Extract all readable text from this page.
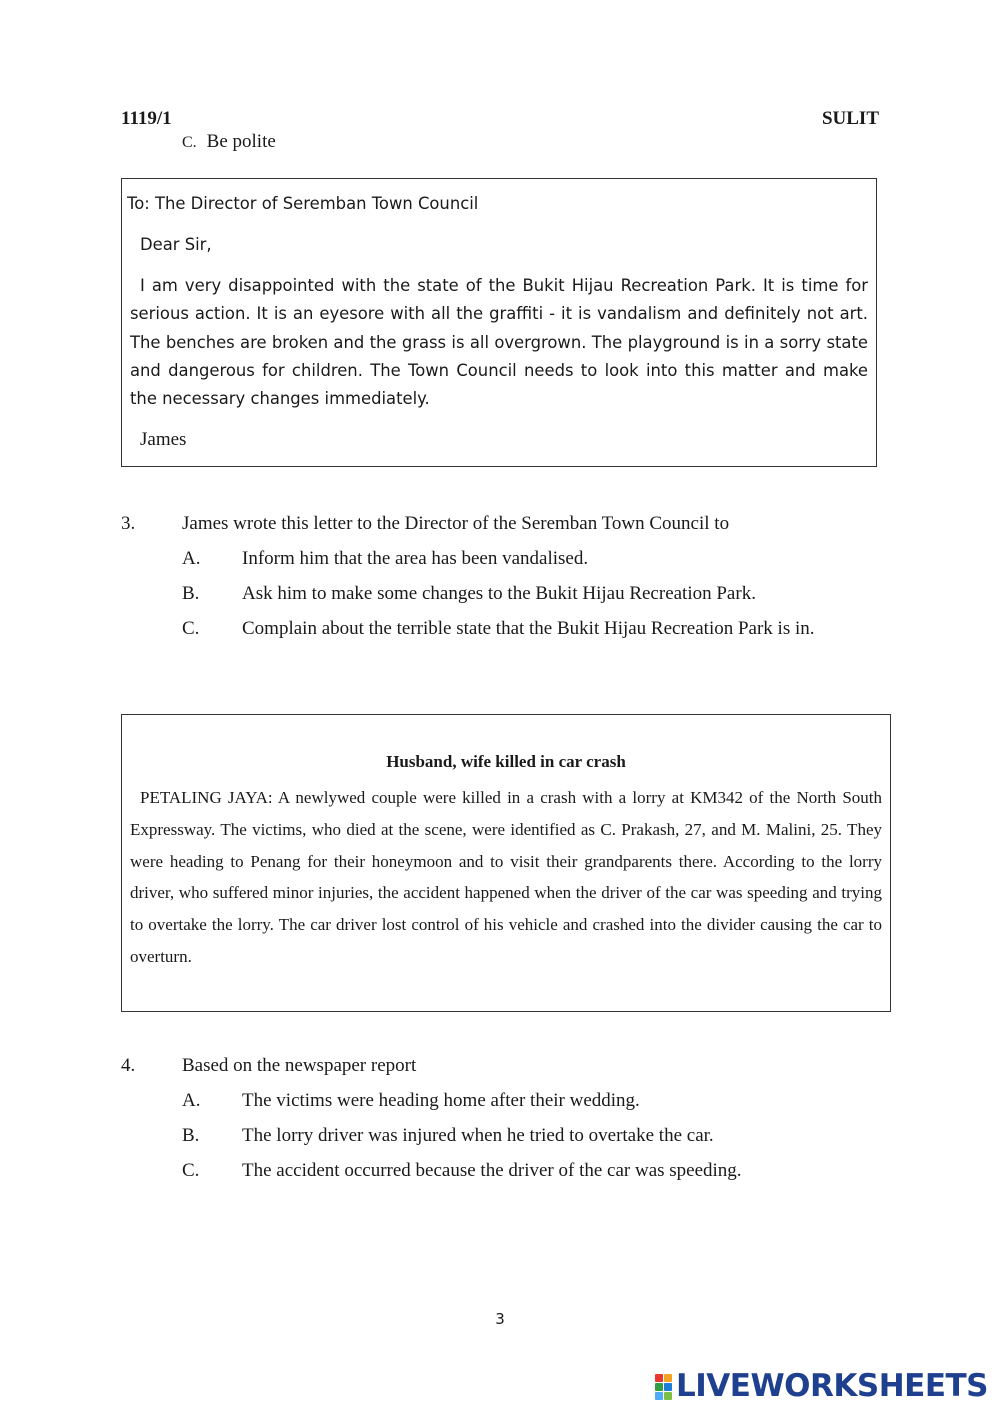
1119/1	SULIT
C. Be polite
To: The Director of Seremban Town Council
Dear Sir,
I am very disappointed with the state of the Bukit Hijau Recreation Park. It is time for serious action. It is an eyesore with all the graffiti - it is vandalism and definitely not art. The benches are broken and the grass is all overgrown. The playground is in a sorry state and dangerous for children. The Town Council needs to look into this matter and make the necessary changes immediately.
James
3. James wrote this letter to the Director of the Seremban Town Council to
A. Inform him that the area has been vandalised.
B. Ask him to make some changes to the Bukit Hijau Recreation Park.
C. Complain about the terrible state that the Bukit Hijau Recreation Park is in.
Husband, wife killed in car crash
PETALING JAYA: A newlywed couple were killed in a crash with a lorry at KM342 of the North South Expressway. The victims, who died at the scene, were identified as C. Prakash, 27, and M. Malini, 25. They were heading to Penang for their honeymoon and to visit their grandparents there. According to the lorry driver, who suffered minor injuries, the accident happened when the driver of the car was speeding and trying to overtake the lorry. The car driver lost control of his vehicle and crashed into the divider causing the car to overturn.
4. Based on the newspaper report
A. The victims were heading home after their wedding.
B. The lorry driver was injured when he tried to overtake the car.
C. The accident occurred because the driver of the car was speeding.
3
LIVEWORKSHEETS
